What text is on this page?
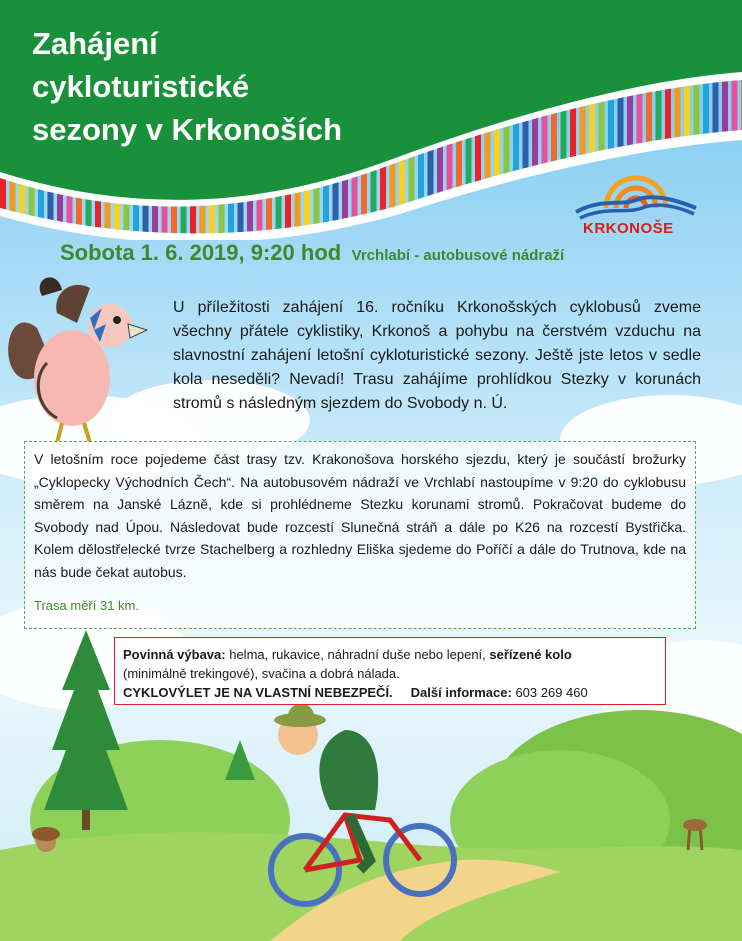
Zahájení
cykloturistické
sezony v Krkonoších
KRKONOŠE
Sobota 1. 6. 2019, 9:20 hod Vrchlabí - autobusové nádraží

U příležitosti zahájení 16. ročníku Krkonošských cyklobusů zveme všechny přátele cyklistiky, Krkonoš a pohybu na čerstvém vzduchu na slavnostní zahájení letošní cykloturistické sezony. Ještě jste letos v sedle kola neseděli? Nevadí! Trasu zahájíme prohlídkou Stezky v korunách stromů s následným sjezdem do Svobody n. Ú.

V letošním roce pojedeme část trasy tzv. Krakonošova horského sjezdu, který je součástí brožurky „Cyklopecky Východních Čech“. Na autobusovém nádraží ve Vrchlabí nastoupíme v 9:20 do cyklobusu směrem na Janské Lázně, kde si prohlédneme Stezku korunami stromů. Pokračovat budeme do Svobody nad Úpou. Následovat bude rozcestí Slunečná stráň a dále po K26 na rozcestí Bystřička. Kolem dělostřelecké tvrze Stachelberg a rozhledny Eliška sjedeme do Poříčí a dále do Trutnova, kde na nás bude čekat autobus.

Trasa měří 31 km.

Povinná výbava: helma, rukavice, náhradní duše nebo lepení, seřízené kolo
(minimálně trekingové), svačina a dobrá nálada.

CYKLOVÝLET JE NA VLASTNÍ NEBEZPEČÍ. Další informace: 603 269 460
